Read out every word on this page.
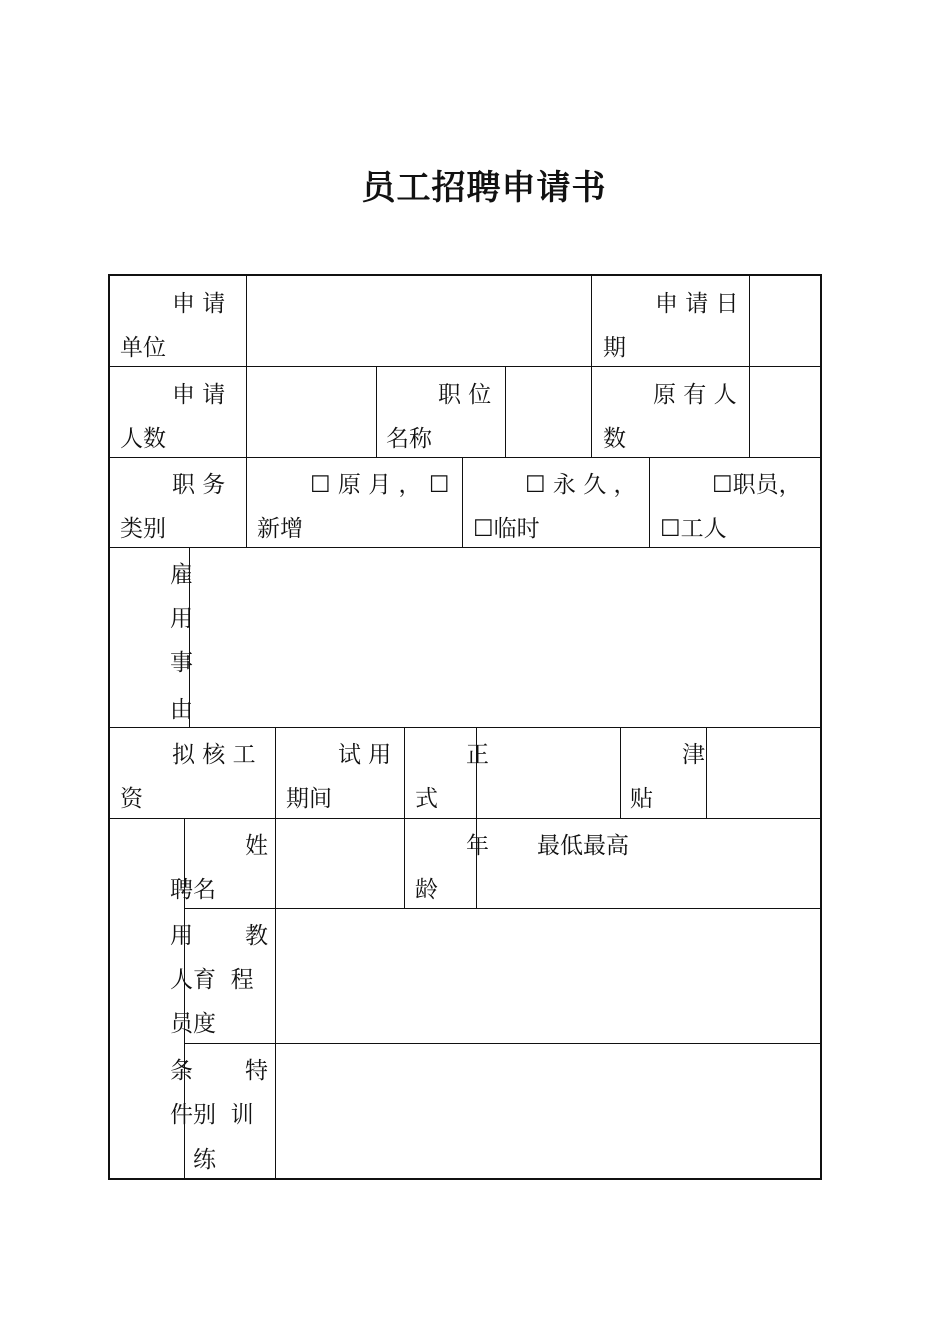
员工招聘申请书
申 请
单位
申 请 日
期
申 请
人数
职 位
名称
原 有 人
数
职 务
类别
☐ 原 月 ， ☐
新增
☐ 永 久 ，
☐临时
☐职员，
☐工人
雇
用
事
由
拟 核 工
资
试 用
期间
正
式
津
贴
聘
用
人
员
条
件
姓
名
年
龄
最低最高
教
育  程
度
特
别  训
练
